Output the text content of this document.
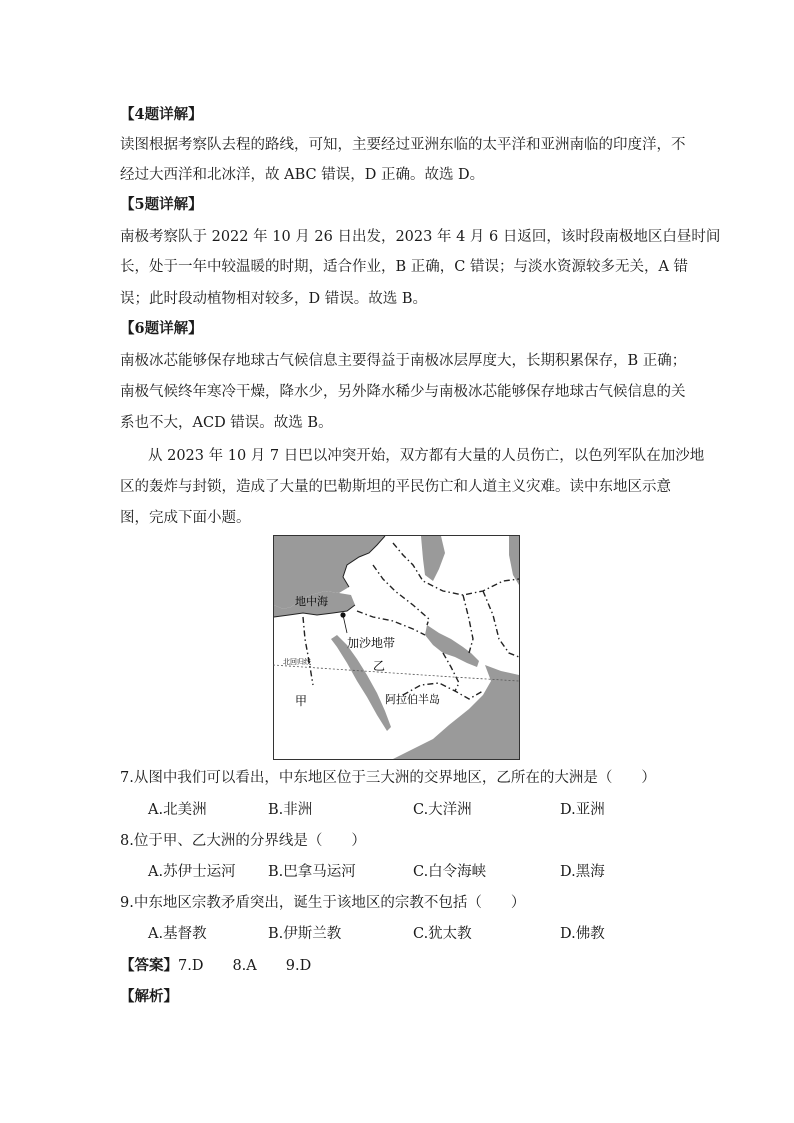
【4题详解】
读图根据考察队去程的路线，可知，主要经过亚洲东临的太平洋和亚洲南临的印度洋，不
经过大西洋和北冰洋，故 ABC 错误，D 正确。故选 D。
【5题详解】
南极考察队于 2022 年 10 月 26 日出发，2023 年 4 月 6 日返回，该时段南极地区白昼时间
长，处于一年中较温暖的时期，适合作业，B 正确，C 错误；与淡水资源较多无关，A 错
误；此时段动植物相对较多，D 错误。故选 B。
【6题详解】
南极冰芯能够保存地球古气候信息主要得益于南极冰层厚度大，长期积累保存，B 正确；
南极气候终年寒冷干燥，降水少，另外降水稀少与南极冰芯能够保存地球古气候信息的关
系也不大，ACD 错误。故选 B。
从 2023 年 10 月 7 日巴以冲突开始，双方都有大量的人员伤亡，以色列军队在加沙地
区的轰炸与封锁，造成了大量的巴勒斯坦的平民伤亡和人道主义灾难。读中东地区示意
图，完成下面小题。
地中海
加沙地带
乙
北回归线
甲	阿拉伯半岛
7.从图中我们可以看出，中东地区位于三大洲的交界地区，乙所在的大洲是（　　）
A.北美洲	B.非洲	C.大洋洲	D.亚洲
8.位于甲、乙大洲的分界线是（　　）
A.苏伊士运河 B.巴拿马运河	C.白令海峡	D.黑海
9.中东地区宗教矛盾突出，诞生于该地区的宗教不包括（　　）
A.基督教	B.伊斯兰教	C.犹太教	D.佛教
【答案】7.D　　8.A　　9.D
【解析】
